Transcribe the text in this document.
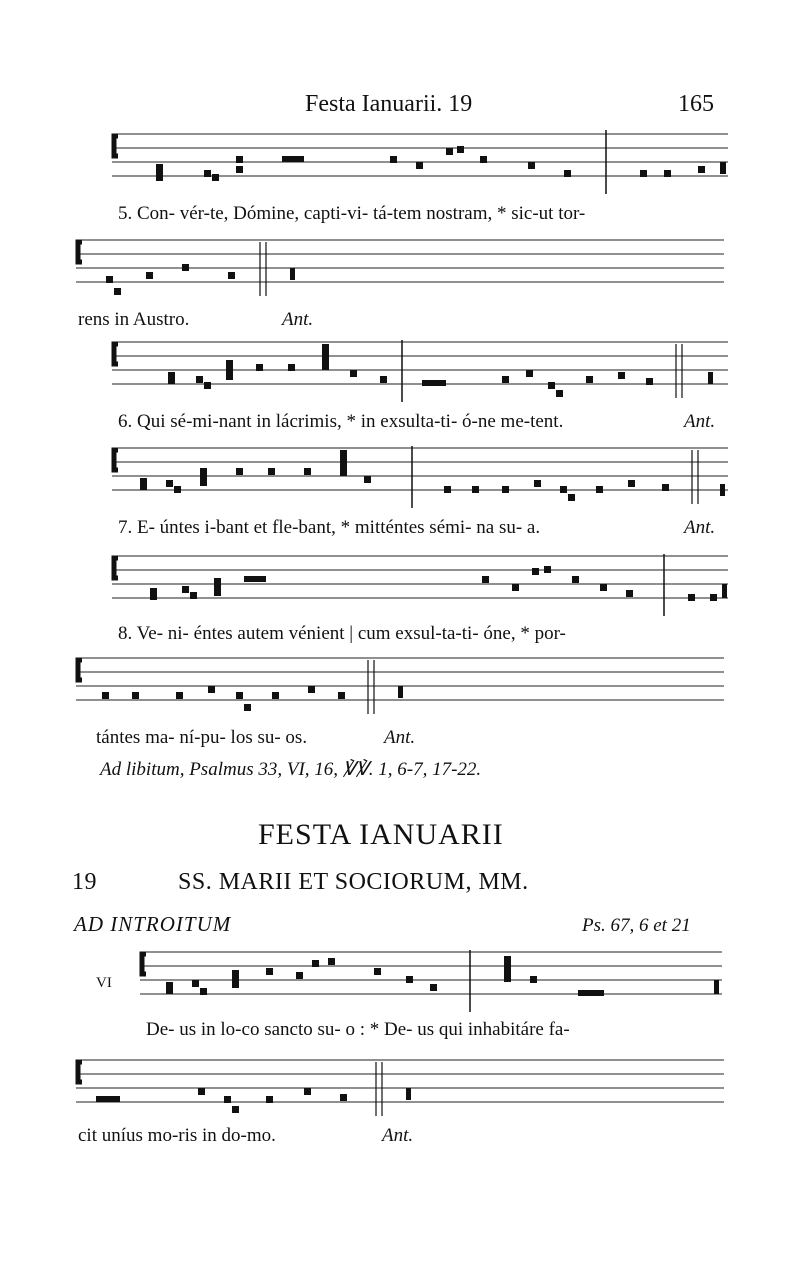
Festa Ianuarii. 19	165
5. Con- vér-te, Dómine, capti-vi- tá-tem nostram, * sic-ut tor-
rens in Austro.	Ant.
6. Qui sé-mi-nant in lácrimis, * in exsulta-ti- ó-ne me-tent.	Ant.
7. E- úntes i-bant et fle-bant, * mitténtes sémi- na su- a.	Ant.
8. Ve- ni- éntes autem vénient | cum exsul-ta-ti- óne, * por-
tántes ma- ní-pu- los su- os.	Ant.
Ad libitum, Psalmus 33, VI, 16, ℣℣. 1, 6-7, 17-22.
FESTA IANUARII
19	SS. MARII ET SOCIORUM, MM.
AD INTROITUM	Ps. 67, 6 et 21
VI
De- us in lo-co sancto su- o : * De- us qui inhabitáre fa-
cit uníus mo-ris in do-mo.	Ant.
